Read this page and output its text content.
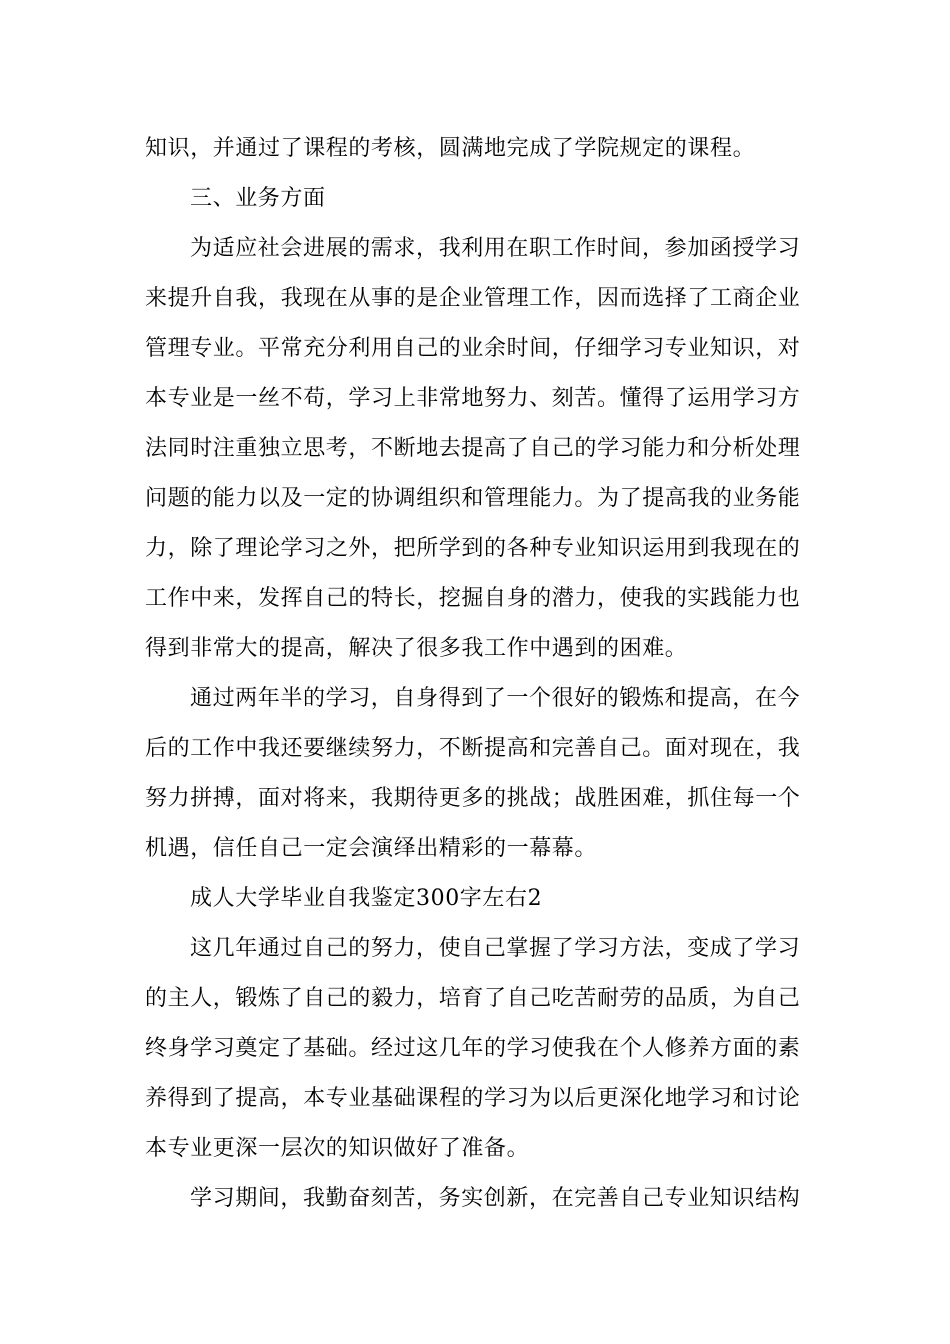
知识，并通过了课程的考核，圆满地完成了学院规定的课程。
三、业务方面
为适应社会进展的需求，我利用在职工作时间，参加函授学习
来提升自我，我现在从事的是企业管理工作，因而选择了工商企业
管理专业。平常充分利用自己的业余时间，仔细学习专业知识，对
本专业是一丝不苟，学习上非常地努力、刻苦。懂得了运用学习方
法同时注重独立思考，不断地去提高了自己的学习能力和分析处理
问题的能力以及一定的协调组织和管理能力。为了提高我的业务能
力，除了理论学习之外，把所学到的各种专业知识运用到我现在的
工作中来，发挥自己的特长，挖掘自身的潜力，使我的实践能力也
得到非常大的提高，解决了很多我工作中遇到的困难。
通过两年半的学习，自身得到了一个很好的锻炼和提高，在今
后的工作中我还要继续努力，不断提高和完善自己。面对现在，我
努力拼搏，面对将来，我期待更多的挑战；战胜困难，抓住每一个
机遇，信任自己一定会演绎出精彩的一幕幕。
成人大学毕业自我鉴定300字左右2
这几年通过自己的努力，使自己掌握了学习方法，变成了学习
的主人，锻炼了自己的毅力，培育了自己吃苦耐劳的品质，为自己
终身学习奠定了基础。经过这几年的学习使我在个人修养方面的素
养得到了提高，本专业基础课程的学习为以后更深化地学习和讨论
本专业更深一层次的知识做好了准备。
学习期间，我勤奋刻苦，务实创新，在完善自己专业知识结构
